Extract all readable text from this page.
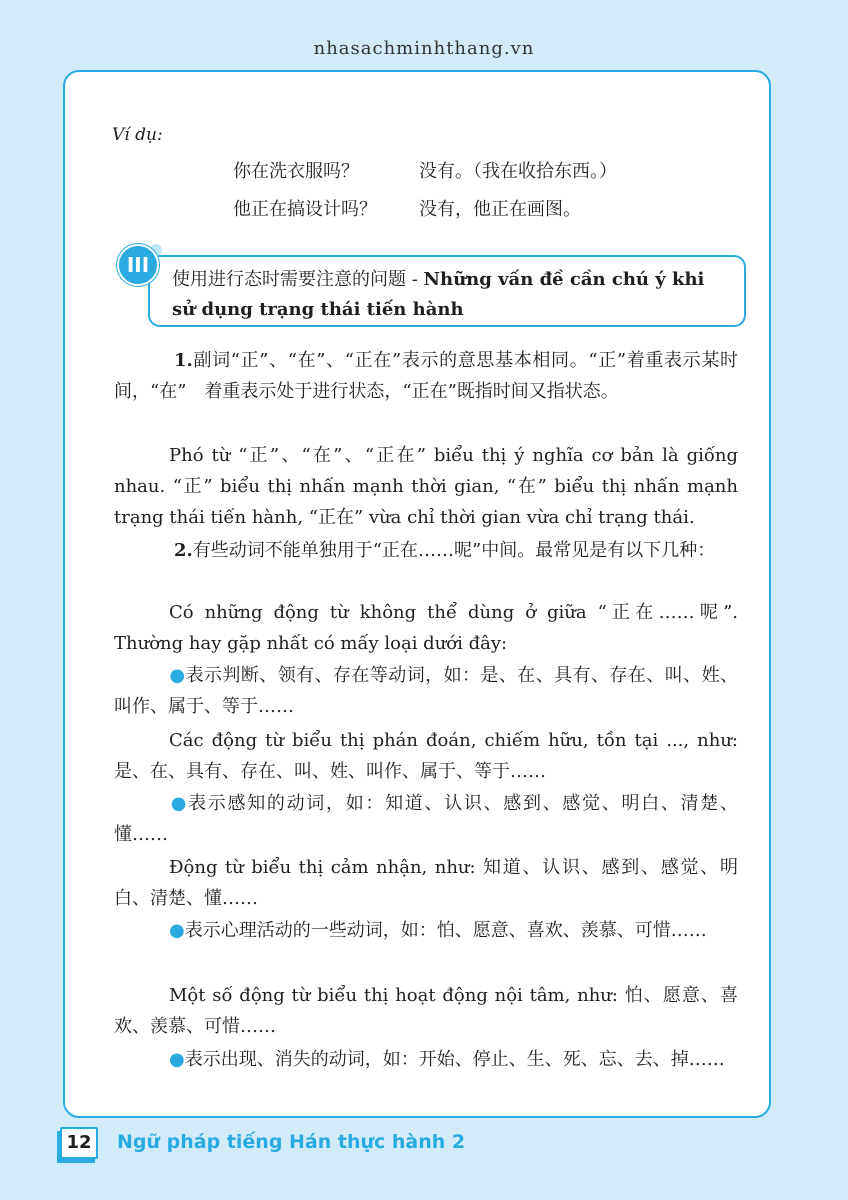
nhasachminhthang.vn
Ví dụ:
你在洗衣服吗？	没有。（我在收拾东西。）
他正在搞设计吗？ 没有，他正在画图。
使用进行态时需要注意的问题 - Những vấn đề cần chú ý khi sử dụng trạng thái tiến hành
III
1.副词“正”、“在”、“正在”表示的意思基本相同。“正”着重表示某时间，“在”　着重表示处于进行状态，“正在”既指时间又指状态。
Phó từ “正”、“在”、“正在” biểu thị ý nghĩa cơ bản là giống nhau. “正” biểu thị nhấn mạnh thời gian, “在” biểu thị nhấn mạnh trạng thái tiến hành, “正在” vừa chỉ thời gian vừa chỉ trạng thái.
2.有些动词不能单独用于“正在……呢”中间。最常见是有以下几种：
Có những động từ không thể dùng ở giữa “正在……呢”. Thường hay gặp nhất có mấy loại dưới đây:
●表示判断、领有、存在等动词，如：是、在、具有、存在、叫、姓、叫作、属于、等于……
Các động từ biểu thị phán đoán, chiếm hữu, tồn tại ..., như: 是、在、具有、存在、叫、姓、叫作、属于、等于……
●表示感知的动词，如：知道、认识、感到、感觉、明白、清楚、懂……
Động từ biểu thị cảm nhận, như: 知道、认识、感到、感觉、明白、清楚、懂……
●表示心理活动的一些动词，如：怕、愿意、喜欢、羡慕、可惜……
Một số động từ biểu thị hoạt động nội tâm, như: 怕、愿意、喜欢、羡慕、可惜……
●表示出现、消失的动词，如：开始、停止、生、死、忘、去、掉……
12	Ngữ pháp tiếng Hán thực hành 2
